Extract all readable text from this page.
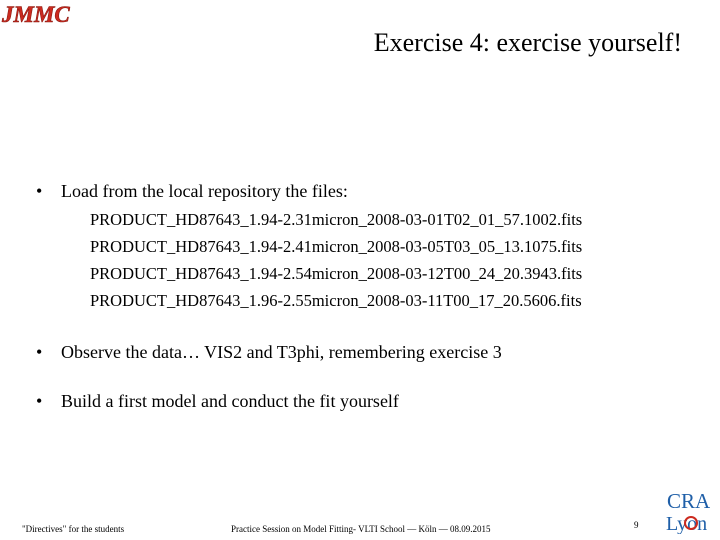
JMMC
Exercise 4: exercise yourself!
• Load from the local repository the files:
PRODUCT_HD87643_1.94-2.31micron_2008-03-01T02_01_57.1002.fits
PRODUCT_HD87643_1.94-2.41micron_2008-03-05T03_05_13.1075.fits
PRODUCT_HD87643_1.94-2.54micron_2008-03-12T00_24_20.3943.fits
PRODUCT_HD87643_1.96-2.55micron_2008-03-11T00_17_20.5606.fits
• Observe the data… VIS2 and T3phi, remembering exercise 3
• Build a first model and conduct the fit yourself
"Directives" for the students	Practice Session on Model Fitting- VLTI School — Köln — 08.09.2015	9
CRA
Lyon
